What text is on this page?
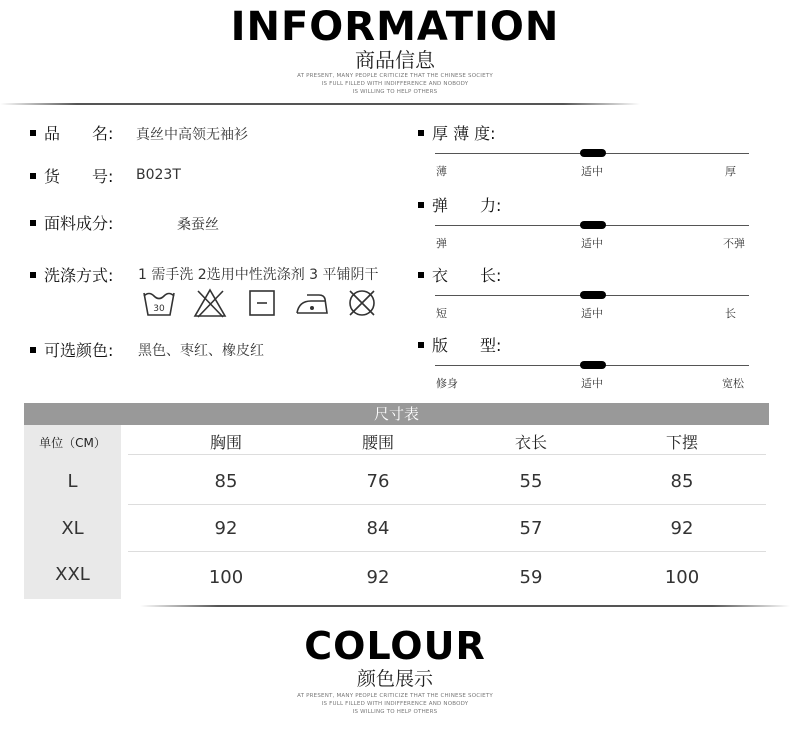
INFORMATION
商品信息
AT PRESENT, MANY PEOPLE CRITICIZE THAT THE CHINESE SOCIETY
IS FULL FILLED WITH INDIFFERENCE AND NOBODY
IS WILLING TO HELP OTHERS
品　　名: 真丝中高领无袖衫
货　　号: B023T
面料成分:	桑蚕丝
洗涤方式: 1 需手洗 2选用中性洗涤剂 3 平铺阴干
30
可选颜色: 黑色、枣红、橡皮红
厚 薄 度:
薄	适中	厚
弹　　力:
弹	适中	不弹
衣　　长:
短	适中	长
版　　型:
修身	适中	宽松
尺寸表
单位（CM）	胸围	腰围	衣长	下摆
L	85	76	55	85
XL	92	84	57	92
XXL	100	92	59	100
COLOUR
颜色展示
AT PRESENT, MANY PEOPLE CRITICIZE THAT THE CHINESE SOCIETY
IS FULL FILLED WITH INDIFFERENCE AND NOBODY
IS WILLING TO HELP OTHERS
